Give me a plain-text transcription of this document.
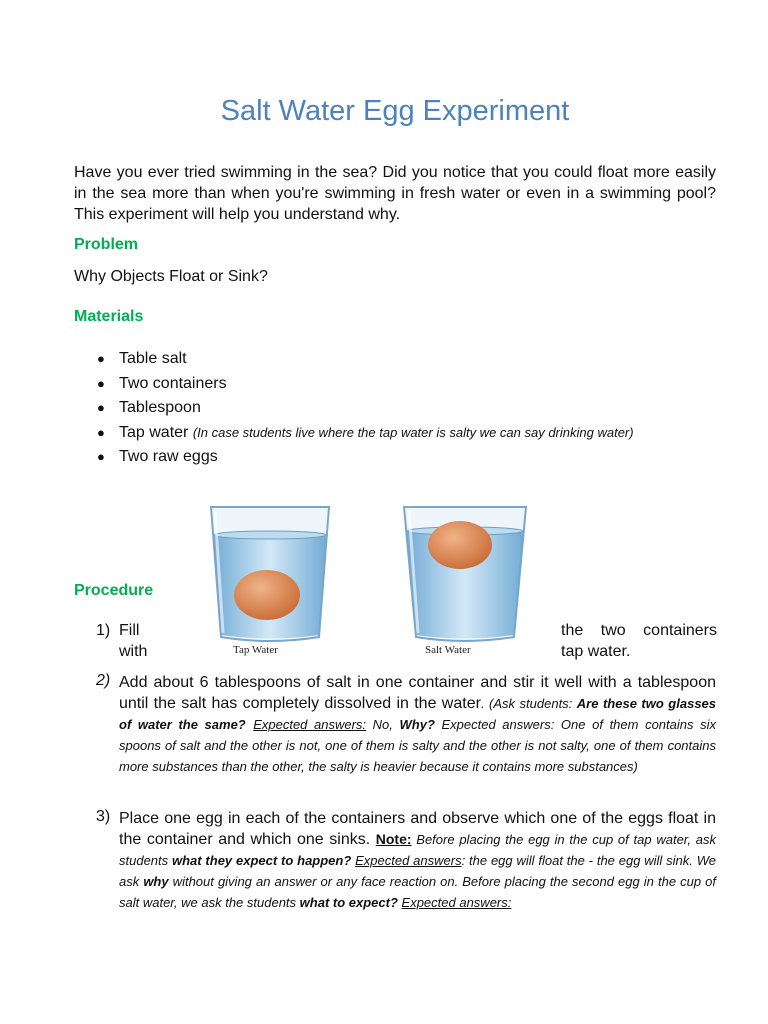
Salt Water Egg Experiment
Have you ever tried swimming in the sea? Did you notice that you could float more easily in the sea more than when you're swimming in fresh water or even in a swimming pool? This experiment will help you understand why.
Problem
Why Objects Float or Sink?
Materials
● Table salt
● Two containers
● Tablespoon
● Tap water (In case students live where the tap water is salty we can say drinking water)
● Two raw eggs
Tap Water	Salt Water
Procedure
1) Fill
with
the two containers
tap water.
2) Add about 6 tablespoons of salt in one container and stir it well with a tablespoon until the salt has completely dissolved in the water. (Ask students: Are these two glasses of water the same? Expected answers: No, Why? Expected answers: One of them contains six spoons of salt and the other is not, one of them is salty and the other is not salty, one of them contains more substances than the other, the salty is heavier because it contains more substances)
3) Place one egg in each of the containers and observe which one of the eggs float in the container and which one sinks. Note: Before placing the egg in the cup of tap water, ask students what they expect to happen? Expected answers: the egg will float the - the egg will sink. We ask why without giving an answer or any face reaction on. Before placing the second egg in the cup of salt water, we ask the students what to expect? Expected answers:
